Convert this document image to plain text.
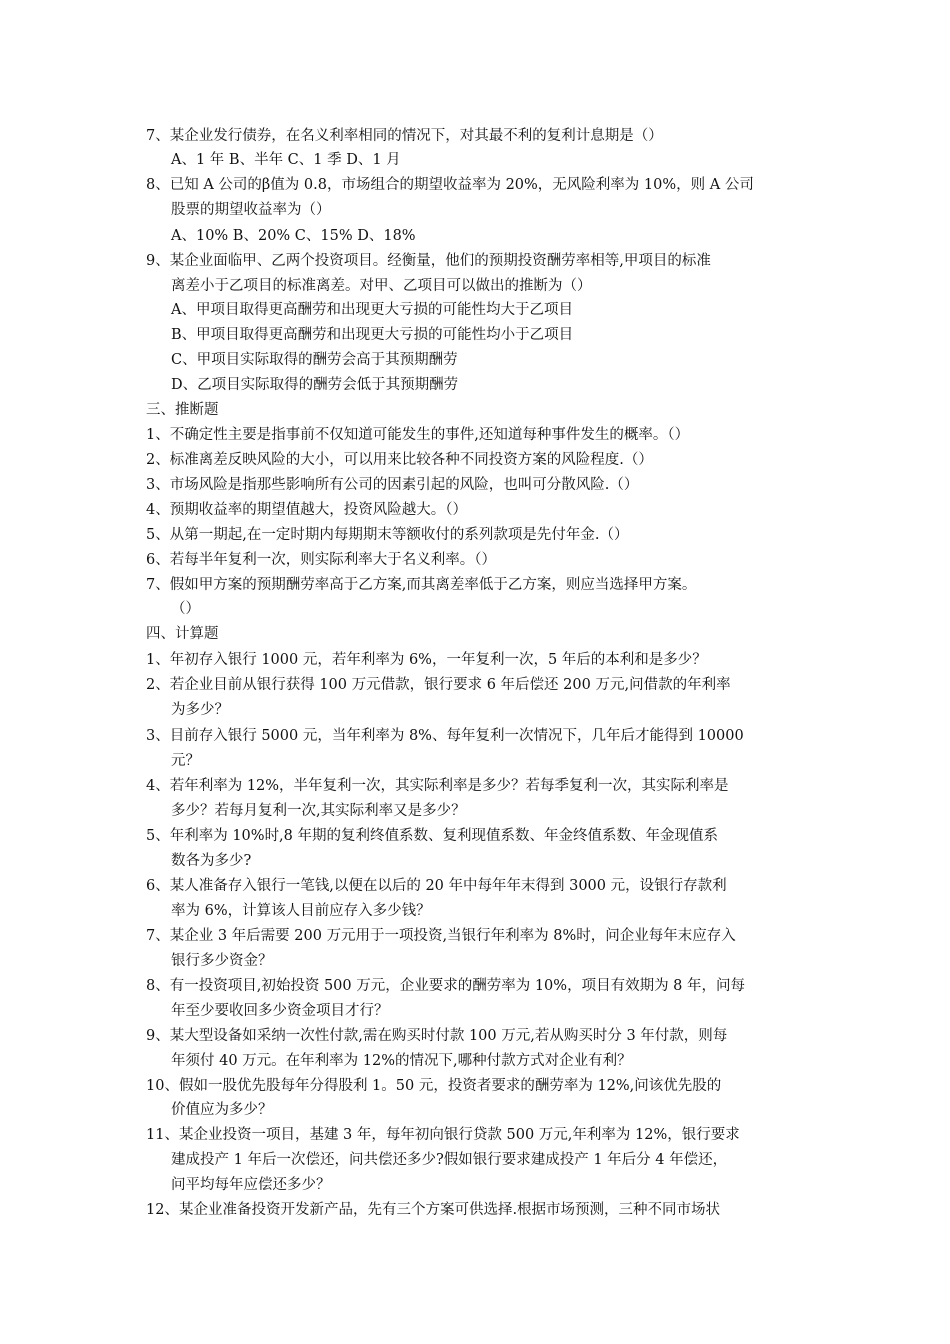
7、某企业发行债券，在名义利率相同的情况下，对其最不利的复利计息期是（）
A、1 年 B、半年 C、1 季 D、1 月
8、已知 A 公司的β值为 0.8，市场组合的期望收益率为 20%，无风险利率为 10%，则 A 公司
股票的期望收益率为（）
A、10% B、20% C、15% D、18%
9、某企业面临甲、乙两个投资项目。经衡量，他们的预期投资酬劳率相等,甲项目的标准
离差小于乙项目的标准离差。对甲、乙项目可以做出的推断为（）
A、甲项目取得更高酬劳和出现更大亏损的可能性均大于乙项目
B、甲项目取得更高酬劳和出现更大亏损的可能性均小于乙项目
C、甲项目实际取得的酬劳会高于其预期酬劳
D、乙项目实际取得的酬劳会低于其预期酬劳
三、推断题
1、不确定性主要是指事前不仅知道可能发生的事件,还知道每种事件发生的概率。（）
2、标准离差反映风险的大小，可以用来比较各种不同投资方案的风险程度.（）
3、市场风险是指那些影响所有公司的因素引起的风险，也叫可分散风险.（）
4、预期收益率的期望值越大，投资风险越大。（）
5、从第一期起,在一定时期内每期期末等额收付的系列款项是先付年金.（）
6、若每半年复利一次，则实际利率大于名义利率。（）
7、假如甲方案的预期酬劳率高于乙方案,而其离差率低于乙方案，则应当选择甲方案。
（）
四、计算题
1、年初存入银行 1000 元，若年利率为 6%，一年复利一次，5 年后的本利和是多少？
2、若企业目前从银行获得 100 万元借款，银行要求 6 年后偿还 200 万元,问借款的年利率
为多少？
3、目前存入银行 5000 元，当年利率为 8%、每年复利一次情况下，几年后才能得到 10000
元？
4、若年利率为 12%，半年复利一次，其实际利率是多少？若每季复利一次，其实际利率是
多少？若每月复利一次,其实际利率又是多少？
5、年利率为 10%时,8 年期的复利终值系数、复利现值系数、年金终值系数、年金现值系
数各为多少?
6、某人准备存入银行一笔钱,以便在以后的 20 年中每年年末得到 3000 元，设银行存款利
率为 6%，计算该人目前应存入多少钱？
7、某企业 3 年后需要 200 万元用于一项投资,当银行年利率为 8%时，问企业每年末应存入
银行多少资金？
8、有一投资项目,初始投资 500 万元，企业要求的酬劳率为 10%，项目有效期为 8 年，问每
年至少要收回多少资金项目才行？
9、某大型设备如采纳一次性付款,需在购买时付款 100 万元,若从购买时分 3 年付款，则每
年须付 40 万元。在年利率为 12%的情况下,哪种付款方式对企业有利？
10、假如一股优先股每年分得股利 1。50 元，投资者要求的酬劳率为 12%,问该优先股的
价值应为多少？
11、某企业投资一项目，基建 3 年，每年初向银行贷款 500 万元,年利率为 12%，银行要求
建成投产 1 年后一次偿还，问共偿还多少?假如银行要求建成投产 1 年后分 4 年偿还，
问平均每年应偿还多少？
12、某企业准备投资开发新产品，先有三个方案可供选择.根据市场预测，三种不同市场状
